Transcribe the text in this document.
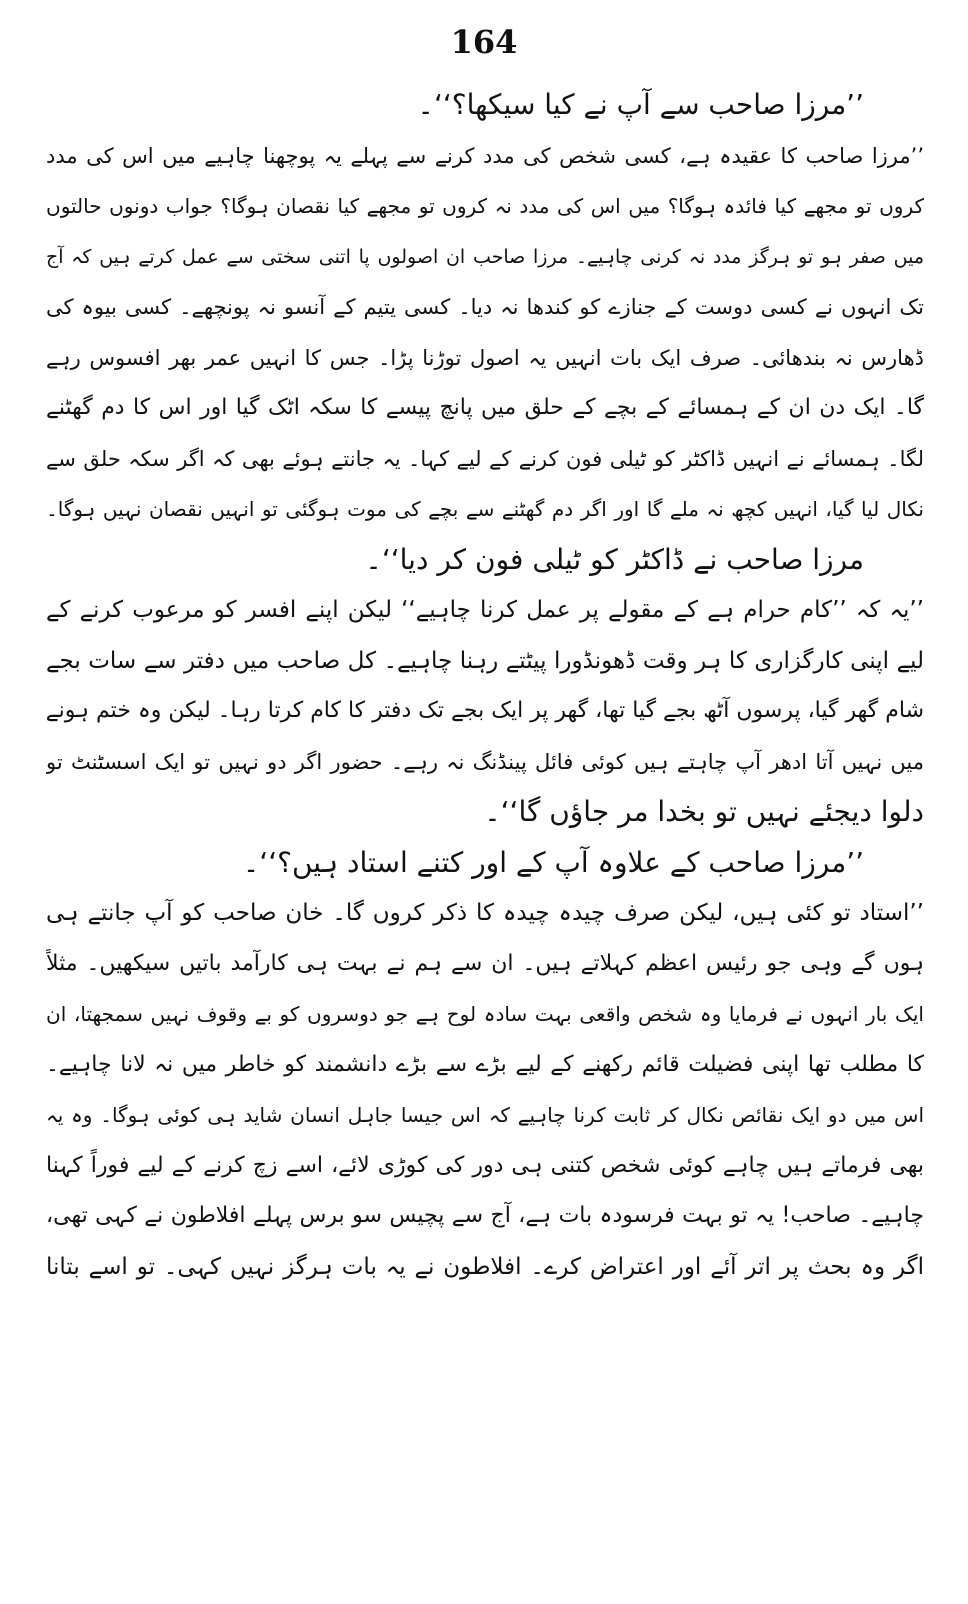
164
’’مرزا صاحب سے آپ نے کیا سیکھا؟‘‘۔
’’مرزا صاحب کا عقیدہ ہے، کسی شخص کی مدد کرنے سے پہلے یہ پوچھنا چاہیے میں اس کی مدد
کروں تو مجھے کیا فائدہ ہوگا؟ میں اس کی مدد نہ کروں تو مجھے کیا نقصان ہوگا؟ جواب دونوں حالتوں
میں صفر ہو تو ہرگز مدد نہ کرنی چاہیے۔ مرزا صاحب ان اصولوں پا اتنی سختی سے عمل کرتے ہیں کہ آج
تک انہوں نے کسی دوست کے جنازے کو کندھا نہ دیا۔ کسی یتیم کے آنسو نہ پونچھے۔ کسی بیوہ کی
ڈھارس نہ بندھائی۔ صرف ایک بات انہیں یہ اصول توڑنا پڑا۔ جس کا انہیں عمر بھر افسوس رہے
گا۔ ایک دن ان کے ہمسائے کے بچے کے حلق میں پانچ پیسے کا سکہ اٹک گیا اور اس کا دم گھٹنے
لگا۔ ہمسائے نے انہیں ڈاکٹر کو ٹیلی فون کرنے کے لیے کہا۔ یہ جانتے ہوئے بھی کہ اگر سکہ حلق سے
نکال لیا گیا، انہیں کچھ نہ ملے گا اور اگر دم گھٹنے سے بچے کی موت ہوگئی تو انہیں نقصان نہیں ہوگا۔
مرزا صاحب نے ڈاکٹر کو ٹیلی فون کر دیا‘‘۔
’’یہ کہ ’’کام حرام ہے کے مقولے پر عمل کرنا چاہیے‘‘ لیکن اپنے افسر کو مرعوب کرنے کے
لیے اپنی کارگزاری کا ہر وقت ڈھونڈورا پیٹتے رہنا چاہیے۔ کل صاحب میں دفتر سے سات بجے
شام گھر گیا، پرسوں آٹھ بجے گیا تھا، گھر پر ایک بجے تک دفتر کا کام کرتا رہا۔ لیکن وہ ختم ہونے
میں نہیں آتا ادھر آپ چاہتے ہیں کوئی فائل پینڈنگ نہ رہے۔ حضور اگر دو نہیں تو ایک اسسٹنٹ تو
دلوا دیجئے نہیں تو بخدا مر جاؤں گا‘‘۔
’’مرزا صاحب کے علاوہ آپ کے اور کتنے استاد ہیں؟‘‘۔
’’استاد تو کئی ہیں، لیکن صرف چیدہ چیدہ کا ذکر کروں گا۔ خان صاحب کو آپ جانتے ہی
ہوں گے وہی جو رئیس اعظم کہلاتے ہیں۔ ان سے ہم نے بہت ہی کارآمد باتیں سیکھیں۔ مثلاً
ایک بار انہوں نے فرمایا وہ شخص واقعی بہت سادہ لوح ہے جو دوسروں کو بے وقوف نہیں سمجھتا، ان
کا مطلب تھا اپنی فضیلت قائم رکھنے کے لیے بڑے سے بڑے دانشمند کو خاطر میں نہ لانا چاہیے۔
اس میں دو ایک نقائص نکال کر ثابت کرنا چاہیے کہ اس جیسا جاہل انسان شاید ہی کوئی ہوگا۔ وہ یہ
بھی فرماتے ہیں چاہے کوئی شخص کتنی ہی دور کی کوڑی لائے، اسے زچ کرنے کے لیے فوراً کہنا
چاہیے۔ صاحب! یہ تو بہت فرسودہ بات ہے، آج سے پچیس سو برس پہلے افلاطون نے کہی تھی،
اگر وہ بحث پر اتر آئے اور اعتراض کرے۔ افلاطون نے یہ بات ہرگز نہیں کہی۔ تو اسے بتانا
